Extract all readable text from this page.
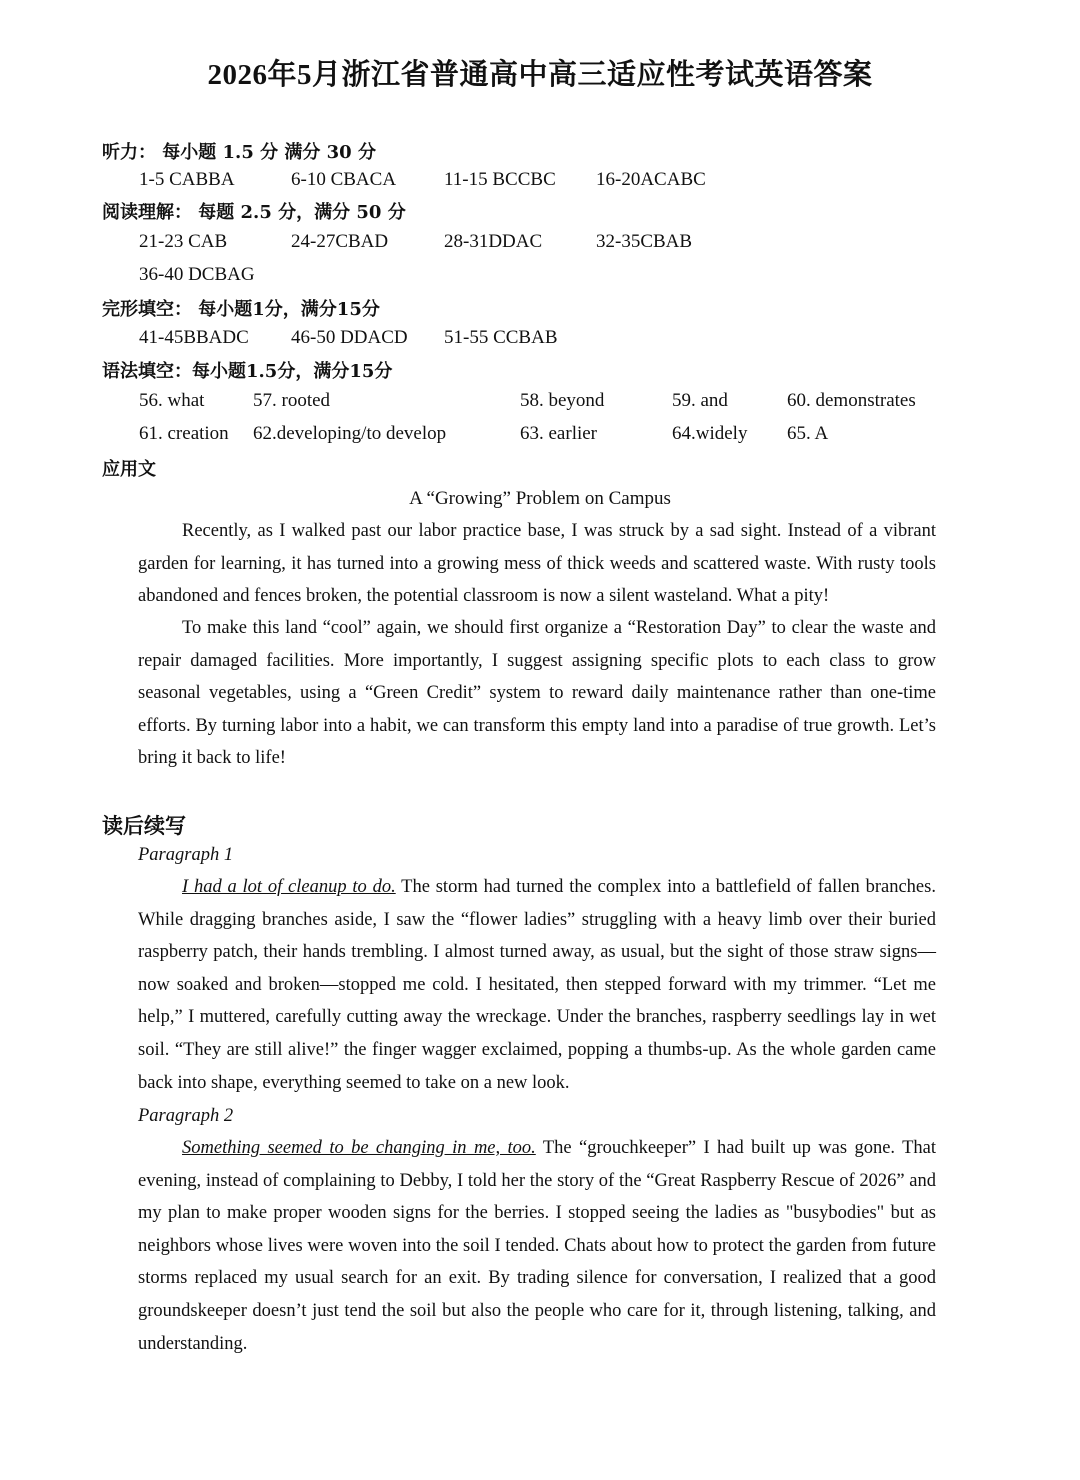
2026年5月浙江省普通高中高三适应性考试英语答案
听力： 每小题 1.5 分 满分 30 分
1-5 CABBA	6-10 CBACA	11-15 BCCBC 16-20ACABC
阅读理解： 每题 2.5 分，满分 50 分
21-23 CAB	24-27CBAD	28-31DDAC	32-35CBAB
36-40 DCBAG
完形填空： 每小题1分，满分15分
41-45BBADC 46-50 DDACD 51-55 CCBAB
语法填空：每小题1.5分，满分15分
56. what	57. rooted	58. beyond	59. and	60. demonstrates
61. creation 62.developing/to develop	63. earlier	64.widely 65. A
应用文
A “Growing” Problem on Campus

Recently, as I walked past our labor practice base, I was struck by a sad sight. Instead of a vibrant garden for learning, it has turned into a growing mess of thick weeds and scattered waste. With rusty tools abandoned and fences broken, the potential classroom is now a silent wasteland. What a pity!

To make this land “cool” again, we should first organize a “Restoration Day” to clear the waste and repair damaged facilities. More importantly, I suggest assigning specific plots to each class to grow seasonal vegetables, using a “Green Credit” system to reward daily maintenance rather than one-time efforts. By turning labor into a habit, we can transform this empty land into a paradise of true growth. Let’s bring it back to life!

读后续写
Paragraph 1

I had a lot of cleanup to do. The storm had turned the complex into a battlefield of fallen branches. While dragging branches aside, I saw the “flower ladies” struggling with a heavy limb over their buried raspberry patch, their hands trembling. I almost turned away, as usual, but the sight of those straw signs—now soaked and broken—stopped me cold. I hesitated, then stepped forward with my trimmer. “Let me help,” I muttered, carefully cutting away the wreckage. Under the branches, raspberry seedlings lay in wet soil. “They are still alive!” the finger wagger exclaimed, popping a thumbs-up. As the whole garden came back into shape, everything seemed to take on a new look.

Paragraph 2

Something seemed to be changing in me, too. The “grouchkeeper” I had built up was gone. That evening, instead of complaining to Debby, I told her the story of the “Great Raspberry Rescue of 2026” and my plan to make proper wooden signs for the berries. I stopped seeing the ladies as "busybodies" but as neighbors whose lives were woven into the soil I tended. Chats about how to protect the garden from future storms replaced my usual search for an exit. By trading silence for conversation, I realized that a good groundskeeper doesn’t just tend the soil but also the people who care for it, through listening, talking, and understanding.
